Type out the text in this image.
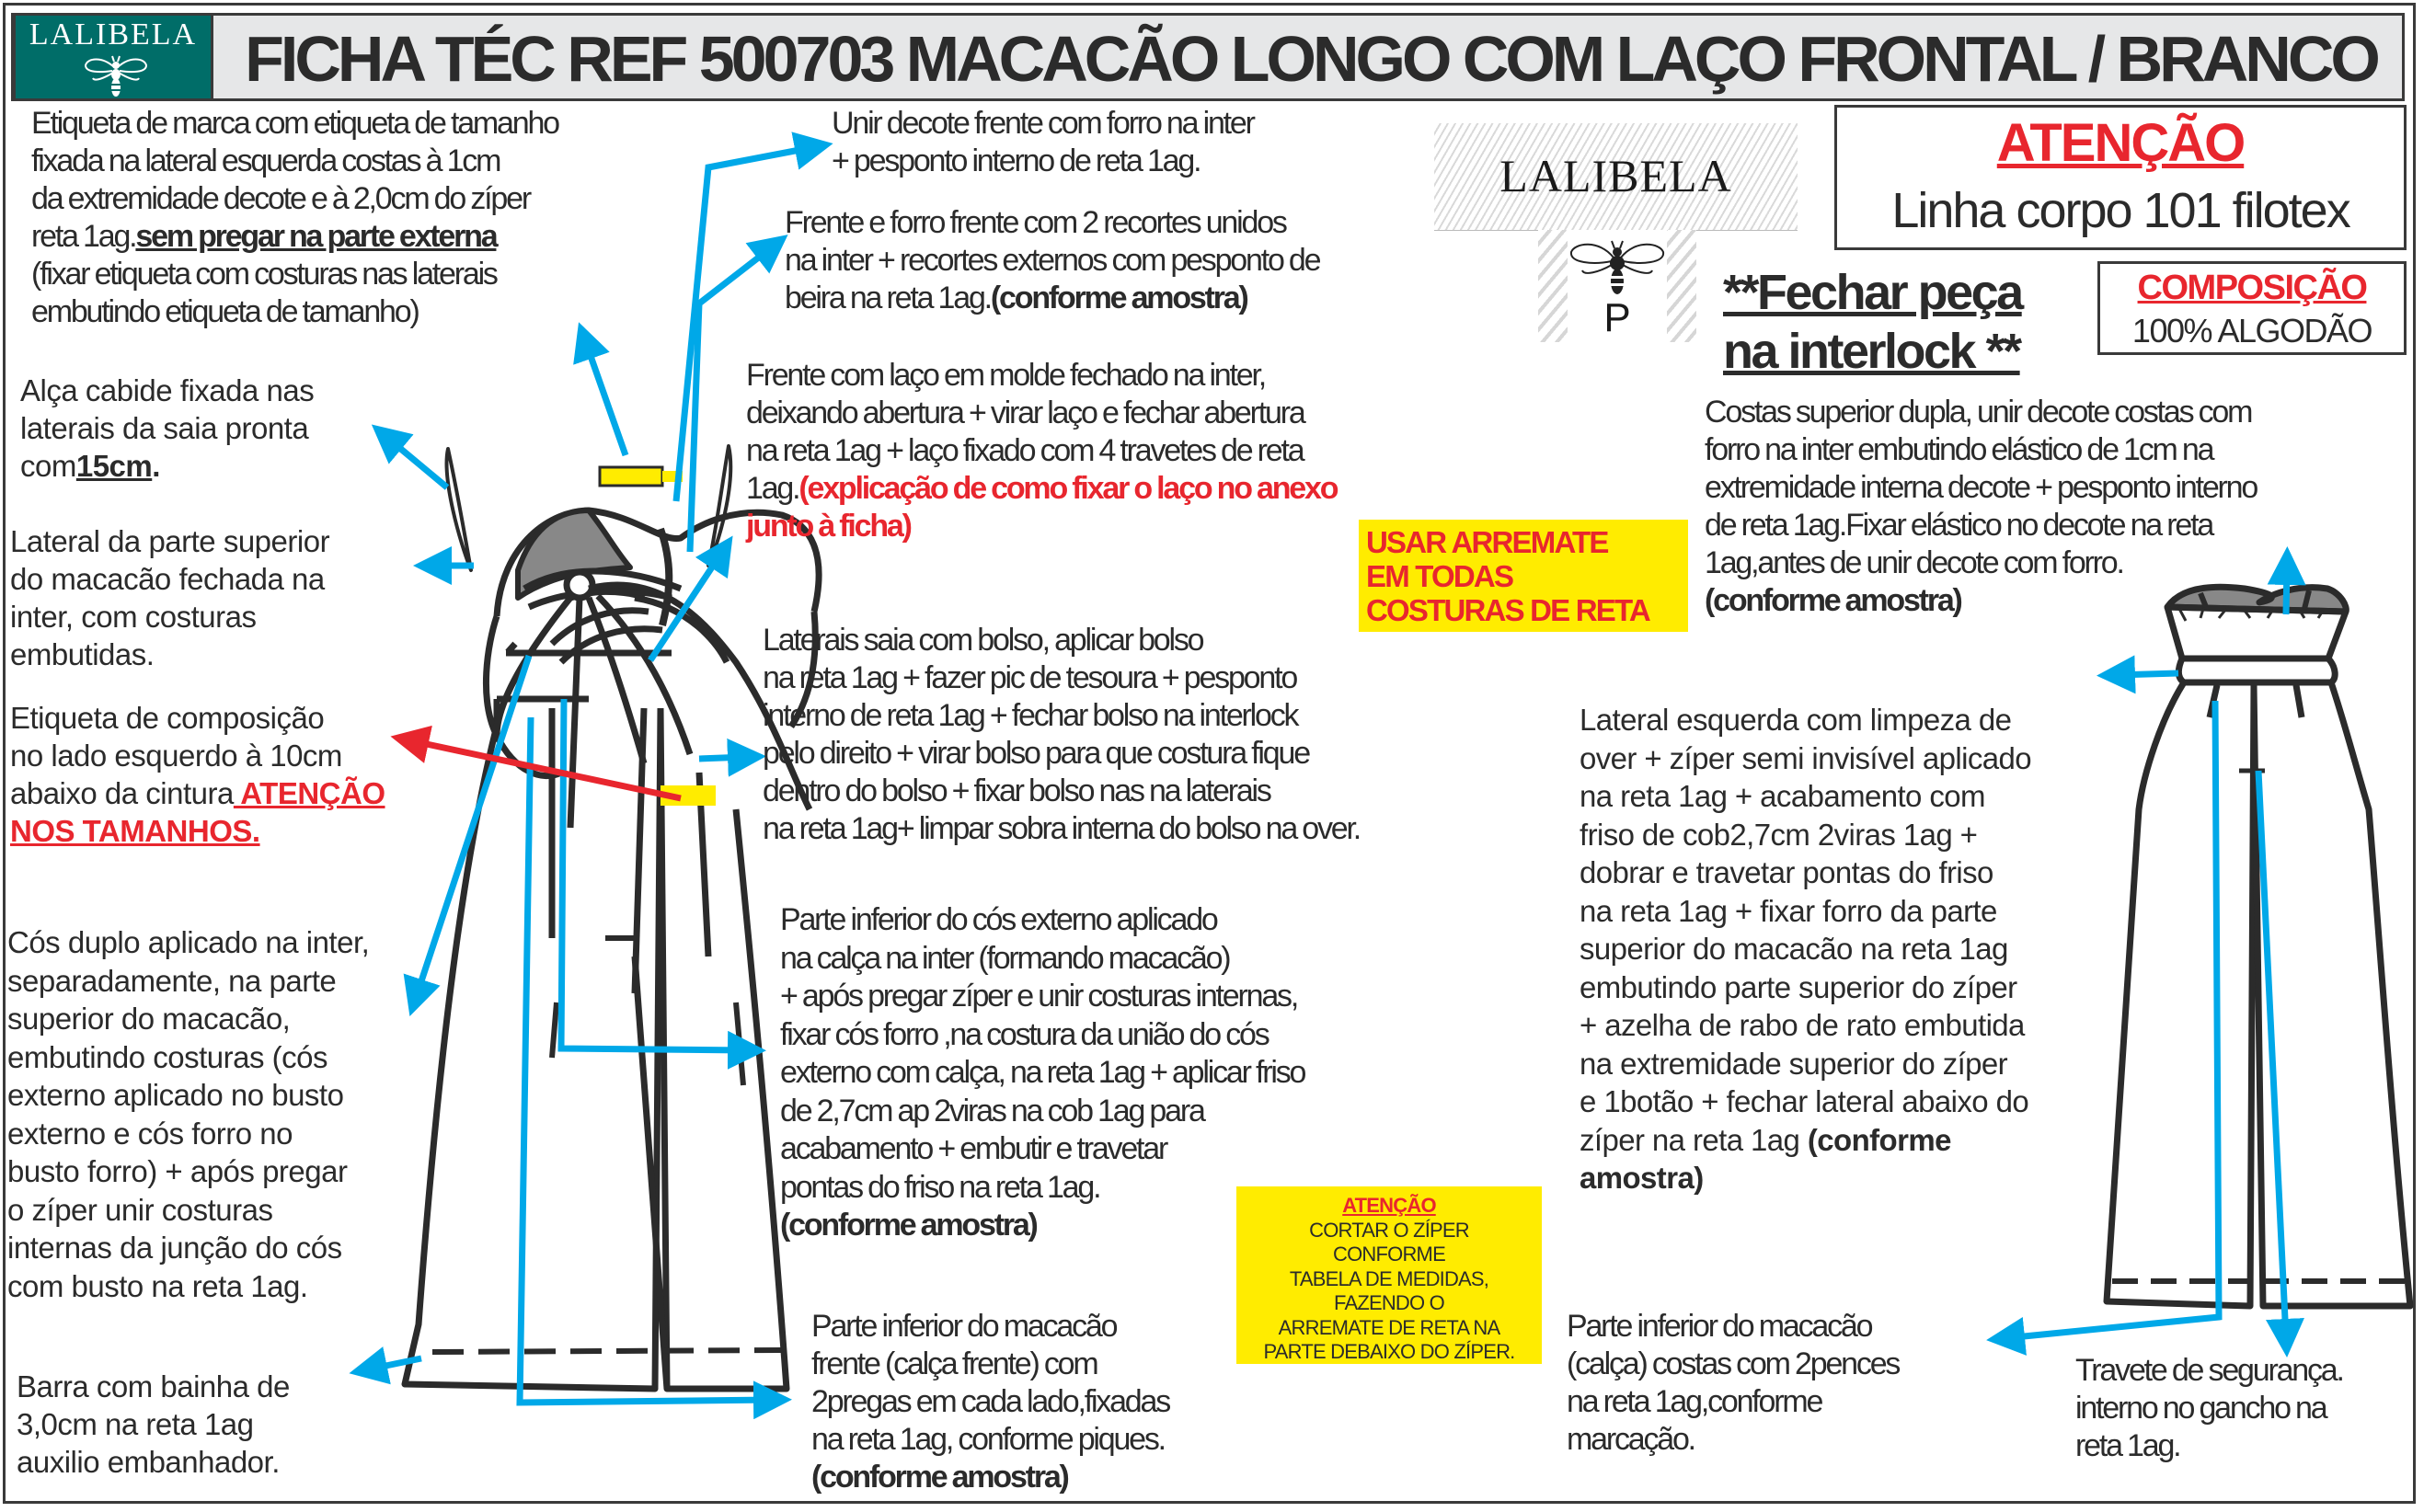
LALIBELA FICHA TÉC REF 500703 MACACÃO LONGO COM LAÇO FRONTAL / BRANCO
LALIBELA
P
ATENÇÃO
Linha corpo 101 filotex
COMPOSIÇÃO
100% ALGODÃO
**Fechar peça
na interlock **
USAR ARREMATE
EM TODAS
COSTURAS DE RETA
ATENÇÃO
CORTAR O ZÍPER
CONFORME
TABELA DE MEDIDAS,
FAZENDO O
ARREMATE DE RETA NA
PARTE DEBAIXO DO ZÍPER.
Etiqueta de marca com etiqueta de tamanho
fixada na lateral esquerda costas à 1cm
da extremidade decote e à 2,0cm do zíper
reta 1ag.sem pregar na parte externa
(fixar etiqueta com costuras nas laterais
embutindo etiqueta de tamanho)
Unir decote frente com forro na inter
+ pesponto interno de reta 1ag.
Frente e forro frente com 2 recortes unidos
na inter + recortes externos com pesponto de
beira na reta 1ag.(conforme amostra)
Frente com laço em molde fechado na inter,
deixando abertura + virar laço e fechar abertura
na reta 1ag + laço fixado com 4 travetes de reta
1ag.(explicação de como fixar o laço no anexo
junto à ficha)
Alça cabide fixada nas
laterais da saia pronta
com15cm.
Lateral da parte superior
do macacão fechada na
inter, com costuras
embutidas.
Etiqueta de composição
no lado esquerdo à 10cm
abaixo da cintura ATENÇÃO
NOS TAMANHOS.
Laterais saia com bolso, aplicar bolso
na reta 1ag + fazer pic de tesoura + pesponto
interno de reta 1ag + fechar bolso na interlock
pelo direito + virar bolso para que costura fique
dentro do bolso + fixar bolso nas na laterais
na reta 1ag+ limpar sobra interna do bolso na over.
Cós duplo aplicado na inter,
separadamente, na parte
superior do macacão,
embutindo costuras (cós
externo aplicado no busto
externo e cós forro no
busto forro) + após pregar
o zíper unir costuras
internas da junção do cós
com busto na reta 1ag.
Parte inferior do cós externo aplicado
na calça na inter (formando macacão)
+ após pregar zíper e unir costuras internas,
fixar cós forro ,na costura da união do cós
externo com calça, na reta 1ag + aplicar friso
de 2,7cm ap 2viras na cob 1ag para
acabamento + embutir e travetar
pontas do friso na reta 1ag.
(conforme amostra)
Barra com bainha de
3,0cm na reta 1ag
auxilio embanhador.
Parte inferior do macacão
frente (calça frente) com
2pregas em cada lado,fixadas
na reta 1ag, conforme piques.
(conforme amostra)
Costas superior dupla, unir decote costas com
forro na inter embutindo elástico de 1cm na
extremidade interna decote + pesponto interno
de reta 1ag.Fixar elástico no decote na reta
1ag,antes de unir decote com forro.
(conforme amostra)
Lateral esquerda com limpeza de
over + zíper semi invisível aplicado
na reta 1ag + acabamento com
friso de cob2,7cm 2viras 1ag +
dobrar e travetar pontas do friso
na reta 1ag + fixar forro da parte
superior do macacão na reta 1ag
embutindo parte superior do zíper
+ azelha de rabo de rato embutida
na extremidade superior do zíper
e 1botão + fechar lateral abaixo do
zíper na reta 1ag (conforme
amostra)
Parte inferior do macacão
(calça) costas com 2pences
na reta 1ag,conforme
marcação.
Travete de segurança.
interno no gancho na
reta 1ag.
